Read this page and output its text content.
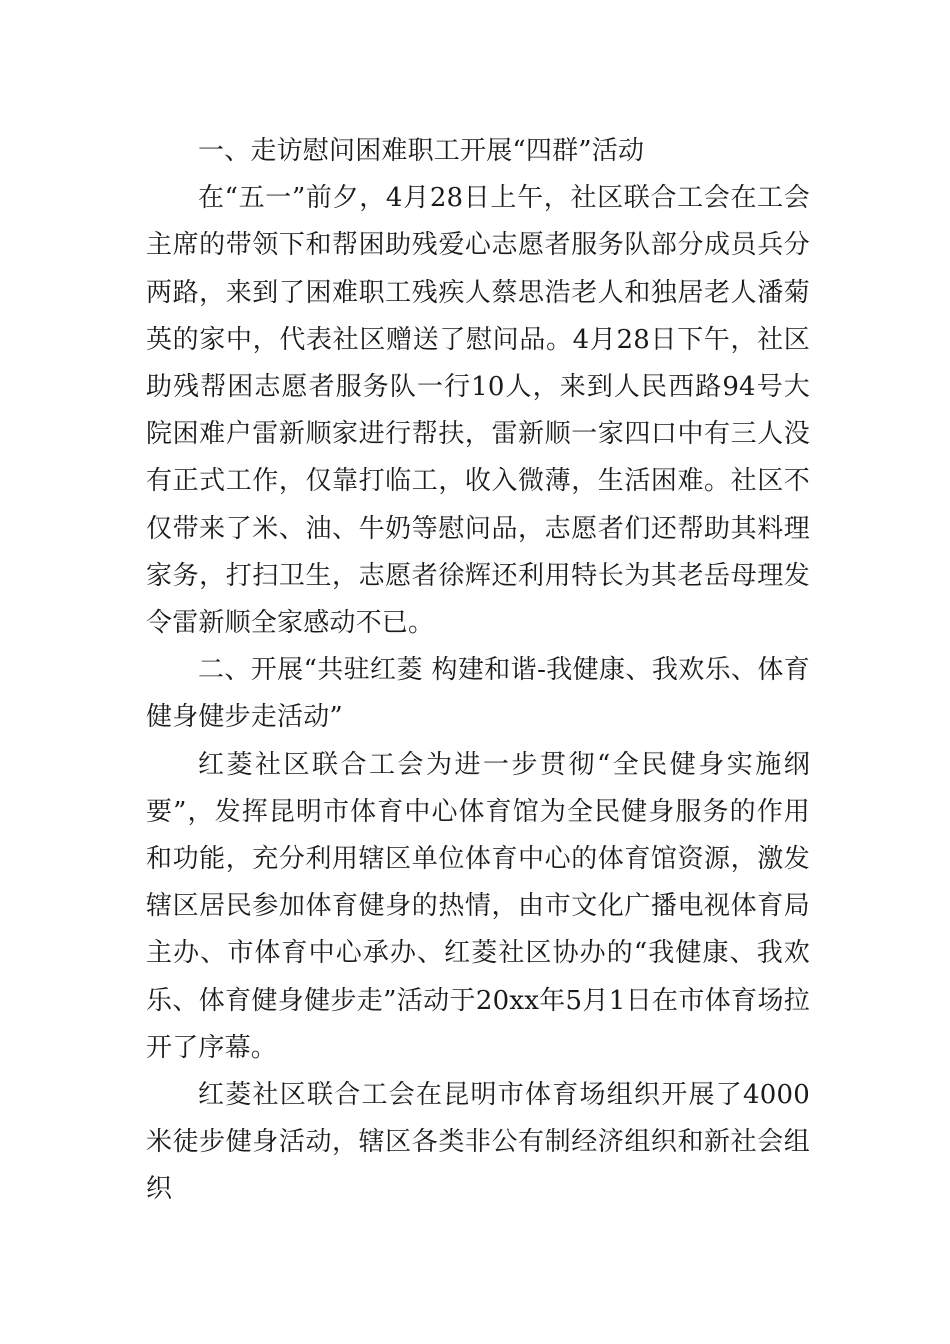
一、走访慰问困难职工开展“四群”活动

在“五一”前夕，4月28日上午，社区联合工会在工会主席的带领下和帮困助残爱心志愿者服务队部分成员兵分两路，来到了困难职工残疾人蔡思浩老人和独居老人潘菊英的家中，代表社区赠送了慰问品。4月28日下午，社区助残帮困志愿者服务队一行10人，来到人民西路94号大院困难户雷新顺家进行帮扶，雷新顺一家四口中有三人没有正式工作，仅靠打临工，收入微薄，生活困难。社区不仅带来了米、油、牛奶等慰问品，志愿者们还帮助其料理家务，打扫卫生，志愿者徐辉还利用特长为其老岳母理发令雷新顺全家感动不已。

二、开展“共驻红菱 构建和谐-我健康、我欢乐、体育健身健步走活动”

红菱社区联合工会为进一步贯彻“全民健身实施纲要”，发挥昆明市体育中心体育馆为全民健身服务的作用和功能，充分利用辖区单位体育中心的体育馆资源，激发辖区居民参加体育健身的热情，由市文化广播电视体育局主办、市体育中心承办、红菱社区协办的“我健康、我欢乐、体育健身健步走”活动于20xx年5月1日在市体育场拉开了序幕。

红菱社区联合工会在昆明市体育场组织开展了4000米徒步健身活动，辖区各类非公有制经济组织和新社会组织
